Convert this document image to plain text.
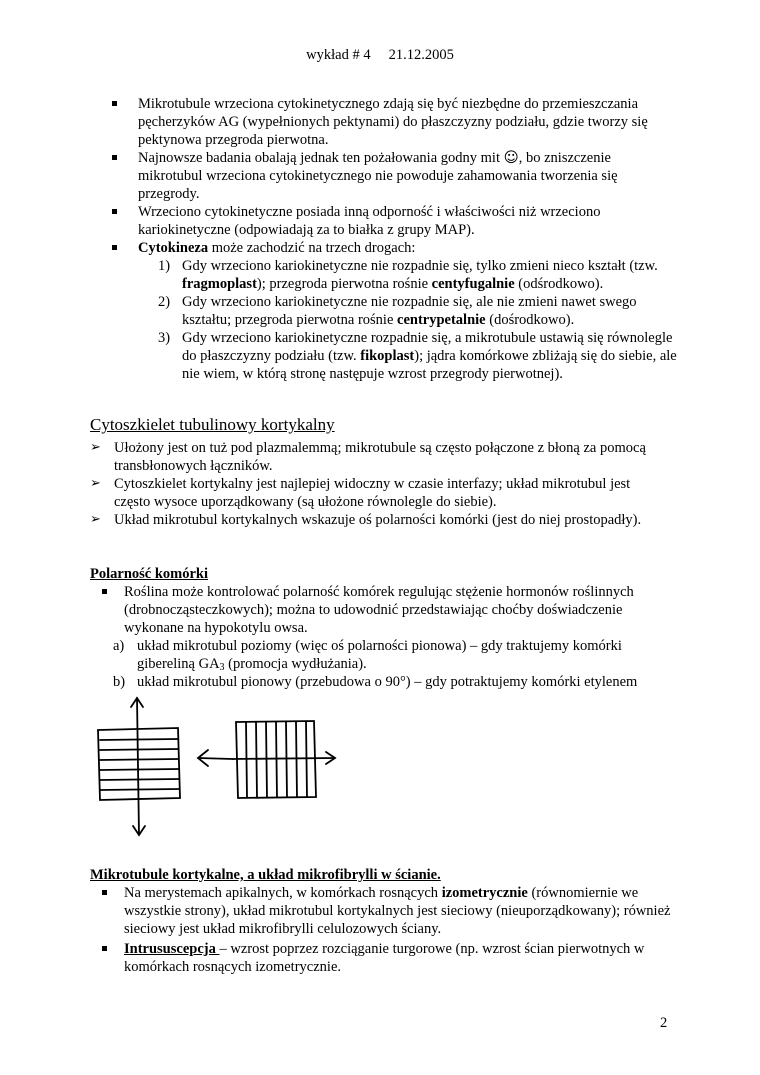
wykład # 4 21.12.2005
Mikrotubule wrzeciona cytokinetycznego zdają się być niezbędne do przemieszczania pęcherzyków AG (wypełnionych pektynami) do płaszczyzny podziału, gdzie tworzy się pektynowa przegroda pierwotna.
Najnowsze badania obalają jednak ten pożałowania godny mit ☺, bo zniszczenie mikrotubul wrzeciona cytokinetycznego nie powoduje zahamowania tworzenia się przegrody.
Wrzeciono cytokinetyczne posiada inną odporność i właściwości niż wrzeciono kariokinetyczne (odpowiadają za to białka z grupy MAP).
Cytokineza może zachodzić na trzech drogach:
1) Gdy wrzeciono kariokinetyczne nie rozpadnie się, tylko zmieni nieco kształt (tzw. fragmoplast); przegroda pierwotna rośnie centyfugalnie (odśrodkowo).
2) Gdy wrzeciono kariokinetyczne nie rozpadnie się, ale nie zmieni nawet swego kształtu; przegroda pierwotna rośnie centrypetalnie (dośrodkowo).
3) Gdy wrzeciono kariokinetyczne rozpadnie się, a mikrotubule ustawią się równolegle do płaszczyzny podziału (tzw. fikoplast); jądra komórkowe zbliżają się do siebie, ale nie wiem, w którą stronę następuje wzrost przegrody pierwotnej).
Cytoszkielet tubulinowy kortykalny
➢ Ułożony jest on tuż pod plazmalemmą; mikrotubule są często połączone z błoną za pomocą transbłonowych łączników.
➢ Cytoszkielet kortykalny jest najlepiej widoczny w czasie interfazy; układ mikrotubul jest często wysoce uporządkowany (są ułożone równolegle do siebie).
➢ Układ mikrotubul kortykalnych wskazuje oś polarności komórki (jest do niej prostopadły).
Polarność komórki
Roślina może kontrolować polarność komórek regulując stężenie hormonów roślinnych (drobnocząsteczkowych); można to udowodnić przedstawiając choćby doświadczenie wykonane na hypokotylu owsa.
a) układ mikrotubul poziomy (więc oś polarności pionowa) – gdy traktujemy komórki gibereliną $GA_3$ (promocja wydłużania).
b) układ mikrotubul pionowy (przebudowa o 90°) – gdy potraktujemy komórki etylenem
Mikrotubule kortykalne, a układ mikrofibrylli w ścianie.
Na merystemach apikalnych, w komórkach rosnących izometrycznie (równomiernie we wszystkie strony), układ mikrotubul kortykalnych jest sieciowy (nieuporządkowany); również sieciowy jest układ mikrofibrylli celulozowych ściany.
Intrususcepcja – wzrost poprzez rozciąganie turgorowe (np. wzrost ścian pierwotnych w komórkach rosnących izometrycznie.
2
